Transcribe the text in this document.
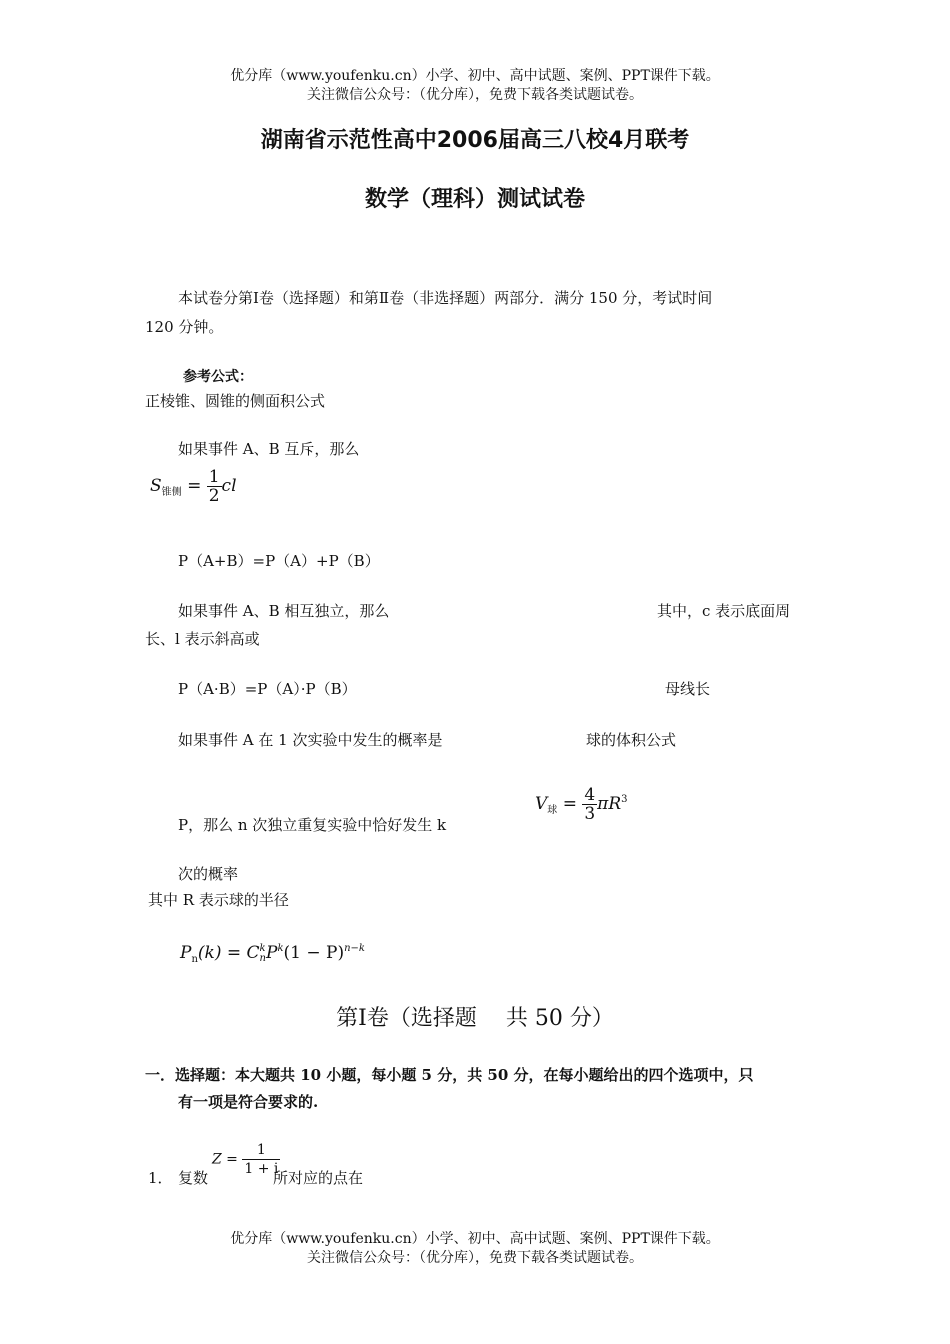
优分库（www.youfenku.cn）小学、初中、高中试题、案例、PPT课件下载。
关注微信公众号：（优分库），免费下载各类试题试卷。
湖南省示范性高中2006届高三八校4月联考
数学（理科）测试试卷
本试卷分第Ⅰ卷（选择题）和第Ⅱ卷（非选择题）两部分．满分 150 分，考试时间
120 分钟。
参考公式：
正棱锥、圆锥的侧面积公式
如果事件 A、B 互斥，那么
$S_{锥侧} = \frac{1}{2}$ cl
P（A+B）=P（A）+P（B）
如果事件 A、B 相互独立，那么	其中，c 表示底面周
长、l 表示斜高或
P（A·B）=P（A）·P（B）	母线长
如果事件 A 在 1 次实验中发生的概率是	球的体积公式
$V_球 = \frac{4}{3} \pi R^3$
P，那么 n 次独立重复实验中恰好发生 k
次的概率
其中 R 表示球的半径
$P_n(k) = C$ k
n $P^k(1 - P)^{n-k}$
第Ⅰ卷（选择题　 共 50 分）
一．选择题：本大题共 10 小题，每小题 5 分，共 50 分，在每小题给出的四个选项中，只
有一项是符合要求的.
1． 复数
$Z = \frac{1}{1 + i}$
所对应的点在
优分库（www.youfenku.cn）小学、初中、高中试题、案例、PPT课件下载。
关注微信公众号：（优分库），免费下载各类试题试卷。
